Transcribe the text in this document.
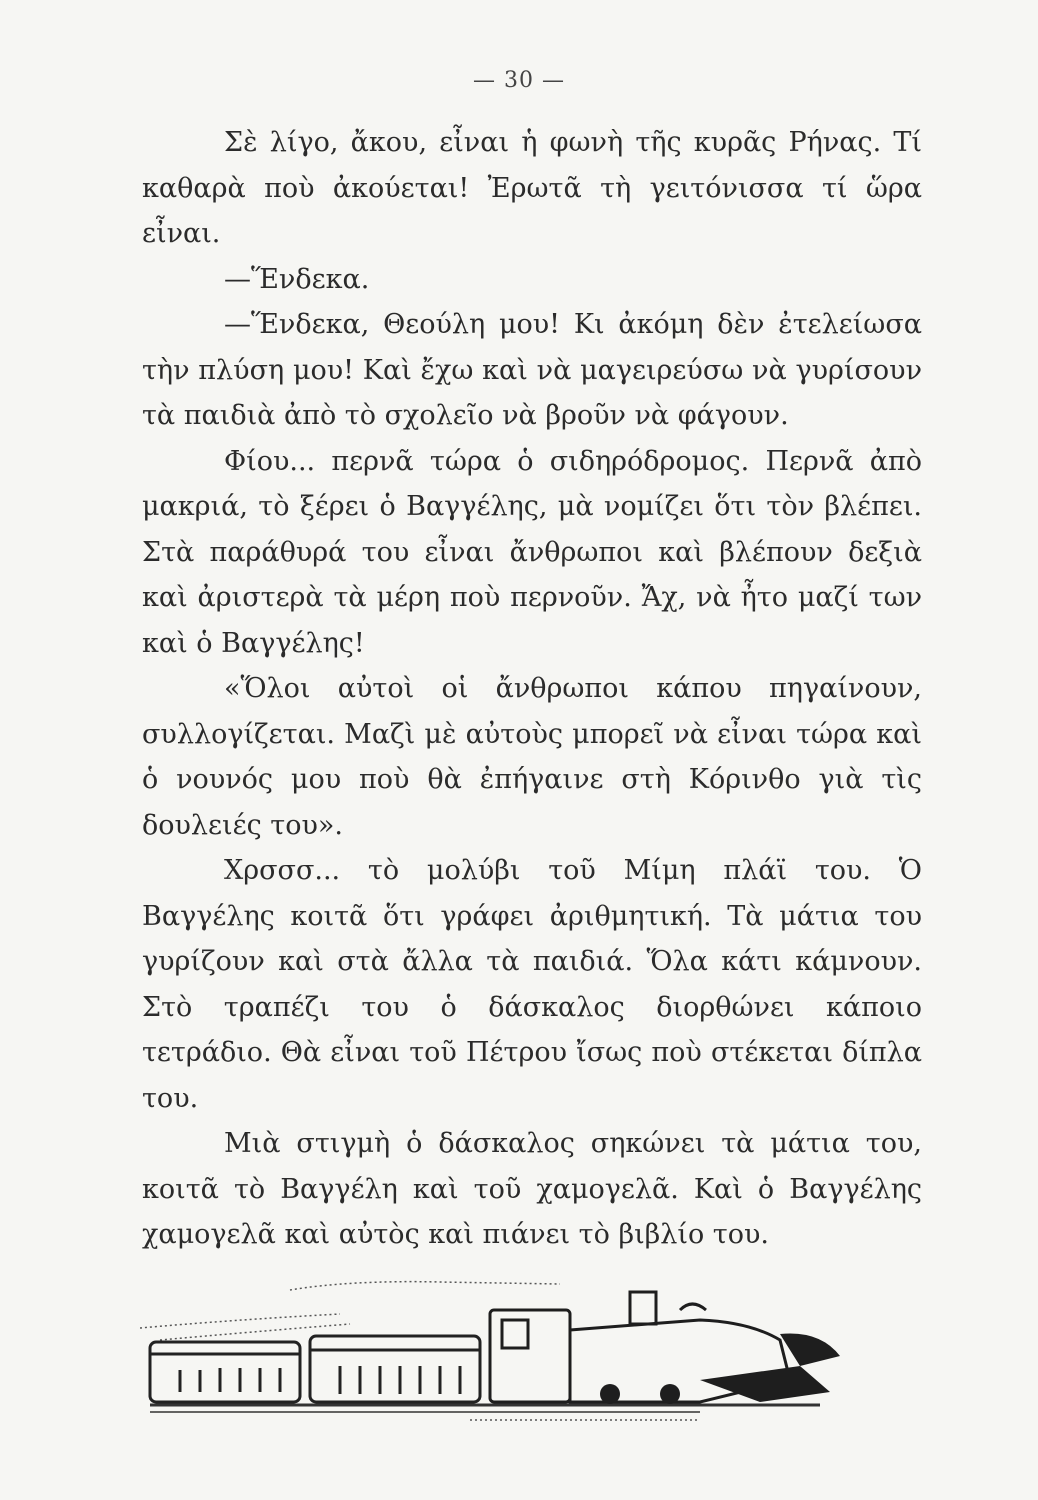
— 30 —

Σὲ λίγο, ἄκου, εἶναι ἡ φωνὴ τῆς κυρᾶς Ρήνας. Τί καθαρὰ ποὺ ἀκούεται! Ἐρωτᾶ τὴ γειτόνισσα τί ὥρα εἶναι.

—Ἕνδεκα.

—Ἕνδεκα, Θεούλη μου! Κι ἀκόμη δὲν ἐτελείωσα τὴν πλύση μου! Καὶ ἔχω καὶ νὰ μαγειρεύσω νὰ γυρίσουν τὰ παιδιὰ ἀπὸ τὸ σχολεῖο νὰ βροῦν νὰ φάγουν.

Φίου... περνᾶ τώρα ὁ σιδηρόδρομος. Περνᾶ ἀπὸ μακριά, τὸ ξέρει ὁ Βαγγέλης, μὰ νομίζει ὅτι τὸν βλέπει. Στὰ παράθυρά του εἶναι ἄνθρωποι καὶ βλέπουν δεξιὰ καὶ ἀριστερὰ τὰ μέρη ποὺ περνοῦν. Ἄχ, νὰ ἦτο μαζί των καὶ ὁ Βαγγέλης!

«Ὅλοι αὐτοὶ οἱ ἄνθρωποι κάπου πηγαίνουν, συλλογίζεται. Μαζὶ μὲ αὐτοὺς μπορεῖ νὰ εἶναι τώρα καὶ ὁ νουνός μου ποὺ θὰ ἐπήγαινε στὴ Κόρινθο γιὰ τὶς δουλειές του».

Χρσσσ... τὸ μολύβι τοῦ Μίμη πλάϊ του. Ὁ Βαγγέλης κοιτᾶ ὅτι γράφει ἀριθμητική. Τὰ μάτια του γυρίζουν καὶ στὰ ἄλλα τὰ παιδιά. Ὅλα κάτι κάμνουν. Στὸ τραπέζι του ὁ δάσκαλος διορθώνει κάποιο τετράδιο. Θὰ εἶναι τοῦ Πέτρου ἴσως ποὺ στέκεται δίπλα του.

Μιὰ στιγμὴ ὁ δάσκαλος σηκώνει τὰ μάτια του, κοιτᾶ τὸ Βαγγέλη καὶ τοῦ χαμογελᾶ. Καὶ ὁ Βαγγέλης χαμογελᾶ καὶ αὐτὸς καὶ πιάνει τὸ βιβλίο του.
